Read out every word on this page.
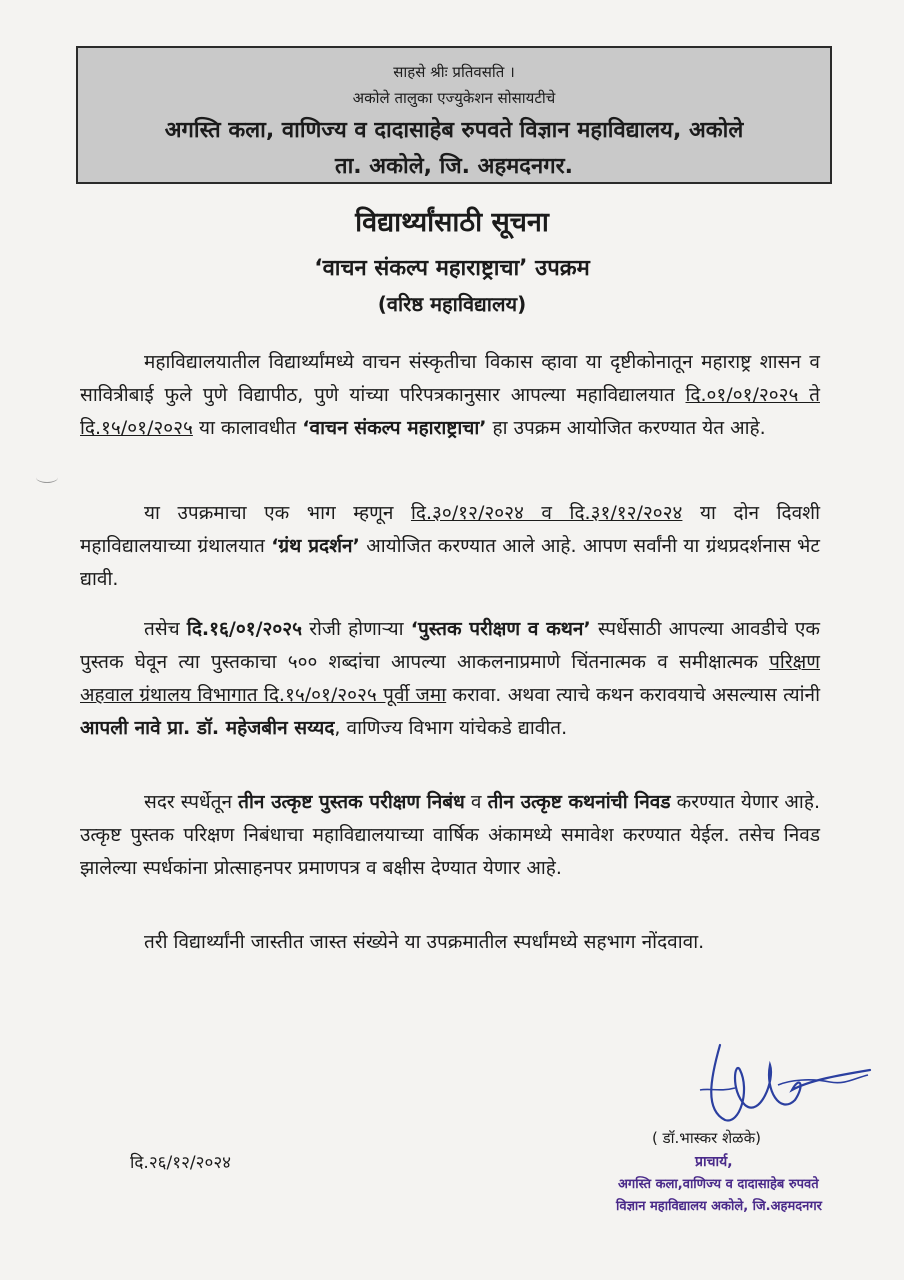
साहसे श्रीः प्रतिवसति ।
अकोले तालुका एज्युकेशन सोसायटीचे
अगस्ति कला, वाणिज्य व दादासाहेब रुपवते विज्ञान महाविद्यालय, अकोले
ता. अकोले, जि. अहमदनगर.
विद्यार्थ्यांसाठी सूचना
‘वाचन संकल्प महाराष्ट्राचा’ उपक्रम
(वरिष्ठ महाविद्यालय)
महाविद्यालयातील विद्यार्थ्यांमध्ये वाचन संस्कृतीचा विकास व्हावा या दृष्टीकोनातून महाराष्ट्र शासन व सावित्रीबाई फुले पुणे विद्यापीठ, पुणे यांच्या परिपत्रकानुसार आपल्या महाविद्यालयात दि.०१/०१/२०२५ ते दि.१५/०१/२०२५ या कालावधीत ‘वाचन संकल्प महाराष्ट्राचा’ हा उपक्रम आयोजित करण्यात येत आहे.
या उपक्रमाचा एक भाग म्हणून दि.३०/१२/२०२४ व दि.३१/१२/२०२४ या दोन दिवशी महाविद्यालयाच्या ग्रंथालयात ‘ग्रंथ प्रदर्शन’ आयोजित करण्यात आले आहे. आपण सर्वांनी या ग्रंथप्रदर्शनास भेट द्यावी.
तसेच दि.१६/०१/२०२५ रोजी होणाऱ्या ‘पुस्तक परीक्षण व कथन’ स्पर्धेसाठी आपल्या आवडीचे एक पुस्तक घेवून त्या पुस्तकाचा ५०० शब्दांचा आपल्या आकलनाप्रमाणे चिंतनात्मक व समीक्षात्मक परिक्षण अहवाल ग्रंथालय विभागात दि.१५/०१/२०२५ पूर्वी जमा करावा. अथवा त्याचे कथन करावयाचे असल्यास त्यांनी आपली नावे प्रा. डॉ. महेजबीन सय्यद, वाणिज्य विभाग यांचेकडे द्यावीत.
सदर स्पर्धेतून तीन उत्कृष्ट पुस्तक परीक्षण निबंध व तीन उत्कृष्ट कथनांची निवड करण्यात येणार आहे. उत्कृष्ट पुस्तक परिक्षण निबंधाचा महाविद्यालयाच्या वार्षिक अंकामध्ये समावेश करण्यात येईल. तसेच निवड झालेल्या स्पर्धकांना प्रोत्साहनपर प्रमाणपत्र व बक्षीस देण्यात येणार आहे.
तरी विद्यार्थ्यांनी जास्तीत जास्त संख्येने या उपक्रमातील स्पर्धांमध्ये सहभाग नोंदवावा.
दि.२६/१२/२०२४
( डॉ.भास्कर शेळके)
प्राचार्य,
अगस्ति कला,वाणिज्य व दादासाहेब रुपवते
विज्ञान महाविद्यालय अकोले, जि.अहमदनगर
